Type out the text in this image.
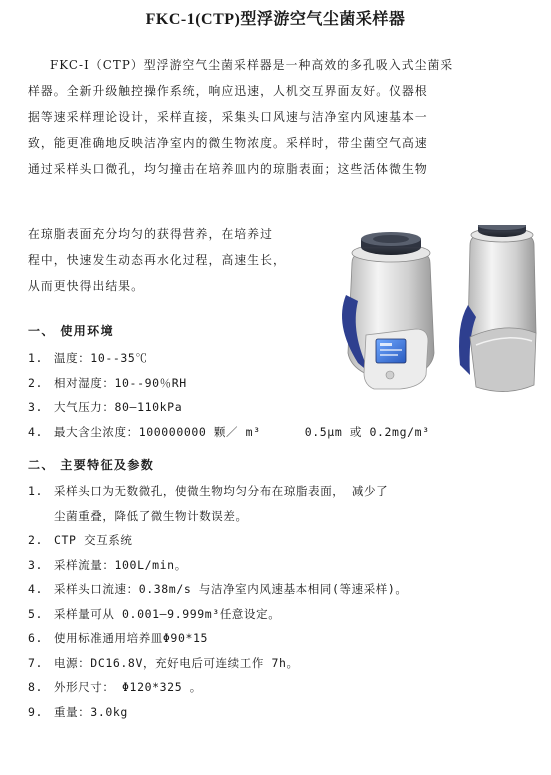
FKC-1(CTP)型浮游空气尘菌采样器
FKC-Ⅰ（CTP）型浮游空气尘菌采样器是一种高效的多孔吸入式尘菌采
样器。全新升级触控操作系统，响应迅速，人机交互界面友好。仪器根
据等速采样理论设计，采样直接，采集头口风速与洁净室内风速基本一
致，能更准确地反映洁净室内的微生物浓度。采样时，带尘菌空气高速
通过采样头口微孔，均匀撞击在培养皿内的琼脂表面；这些活体微生物
在琼脂表面充分均匀的获得营养，在培养过
程中，快速发生动态再水化过程，高速生长，
从而更快得出结果。
一、 使用环境
1. 温度：10--35℃
2. 相对湿度：10--90％RH
3. 大气压力：80—110kPa
4. 最大含尘浓度：100000000 颗／ m³	0.5μm 或 0.2mg/m³
二、 主要特征及参数
1. 采样头口为无数微孔，使微生物均匀分布在琼脂表面， 减少了
尘菌重叠，降低了微生物计数误差。
2. CTP 交互系统
3. 采样流量：100L/min。
4. 采样头口流速：0.38m/s 与洁净室内风速基本相同(等速采样)。
5. 采样量可从 0.001—9.999m³任意设定。
6. 使用标准通用培养皿Φ90*15
7. 电源：DC16.8V，充好电后可连续工作 7h。
8. 外形尺寸： Φ120*325 。
9. 重量：3.0kg
